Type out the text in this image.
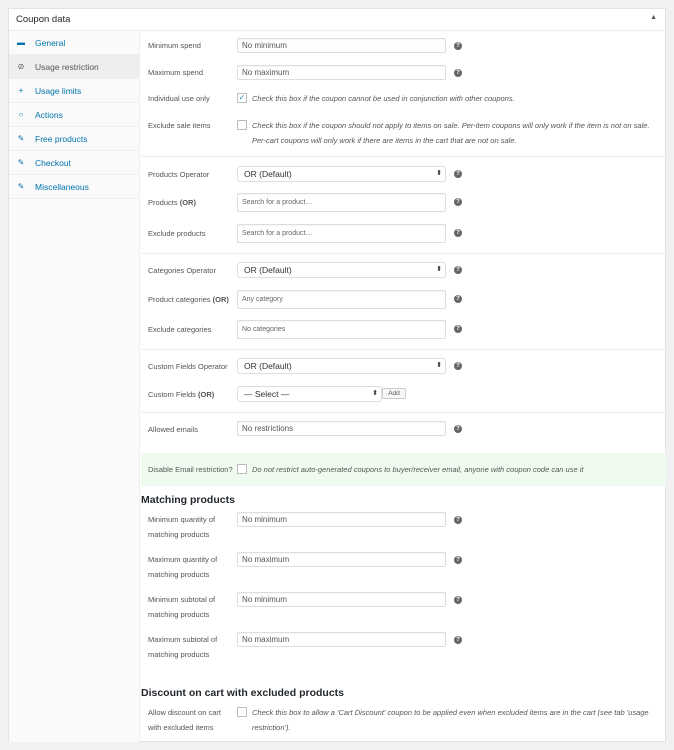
Coupon data	▲
▬	General
⊘	Usage restriction
+	Usage limits
○	Actions
✎	Free products
✎	Checkout
✎	Miscellaneous
Minimum spend	No minimum	?
Maximum spend	No maximum	?
Individual use only	✓ Check this box if the coupon cannot be used in conjunction with other coupons.
Exclude sale items	Check this box if the coupon should not apply to items on sale. Per-item coupons will only work if the item is not on sale. Per-cart coupons will only work if there are items in the cart that are not on sale.
Products Operator	OR (Default)	⬍	?
Products (OR)	Search for a product…	?
Exclude products	Search for a product…	?
Categories Operator	OR (Default)	⬍	?
Product categories (OR)	Any category	?
Exclude categories	No categories	?
Custom Fields Operator	OR (Default)	⬍	?
Custom Fields (OR)	— Select —	⬍	Add
Allowed emails	No restrictions	?
Disable Email restriction?	Do not restrict auto-generated coupons to buyer/receiver email, anyone with coupon code can use it
Matching products
Minimum quantity of
matching products
No minimum	?
Maximum quantity of
matching products
No maximum	?
Minimum subtotal of
matching products
No minimum	?
Maximum subtotal of
matching products
No maximum	?
Discount on cart with excluded products
Allow discount on cart
with excluded items
Check this box to allow a 'Cart Discount' coupon to be applied even when excluded items are in the cart (see tab 'usage restriction').
